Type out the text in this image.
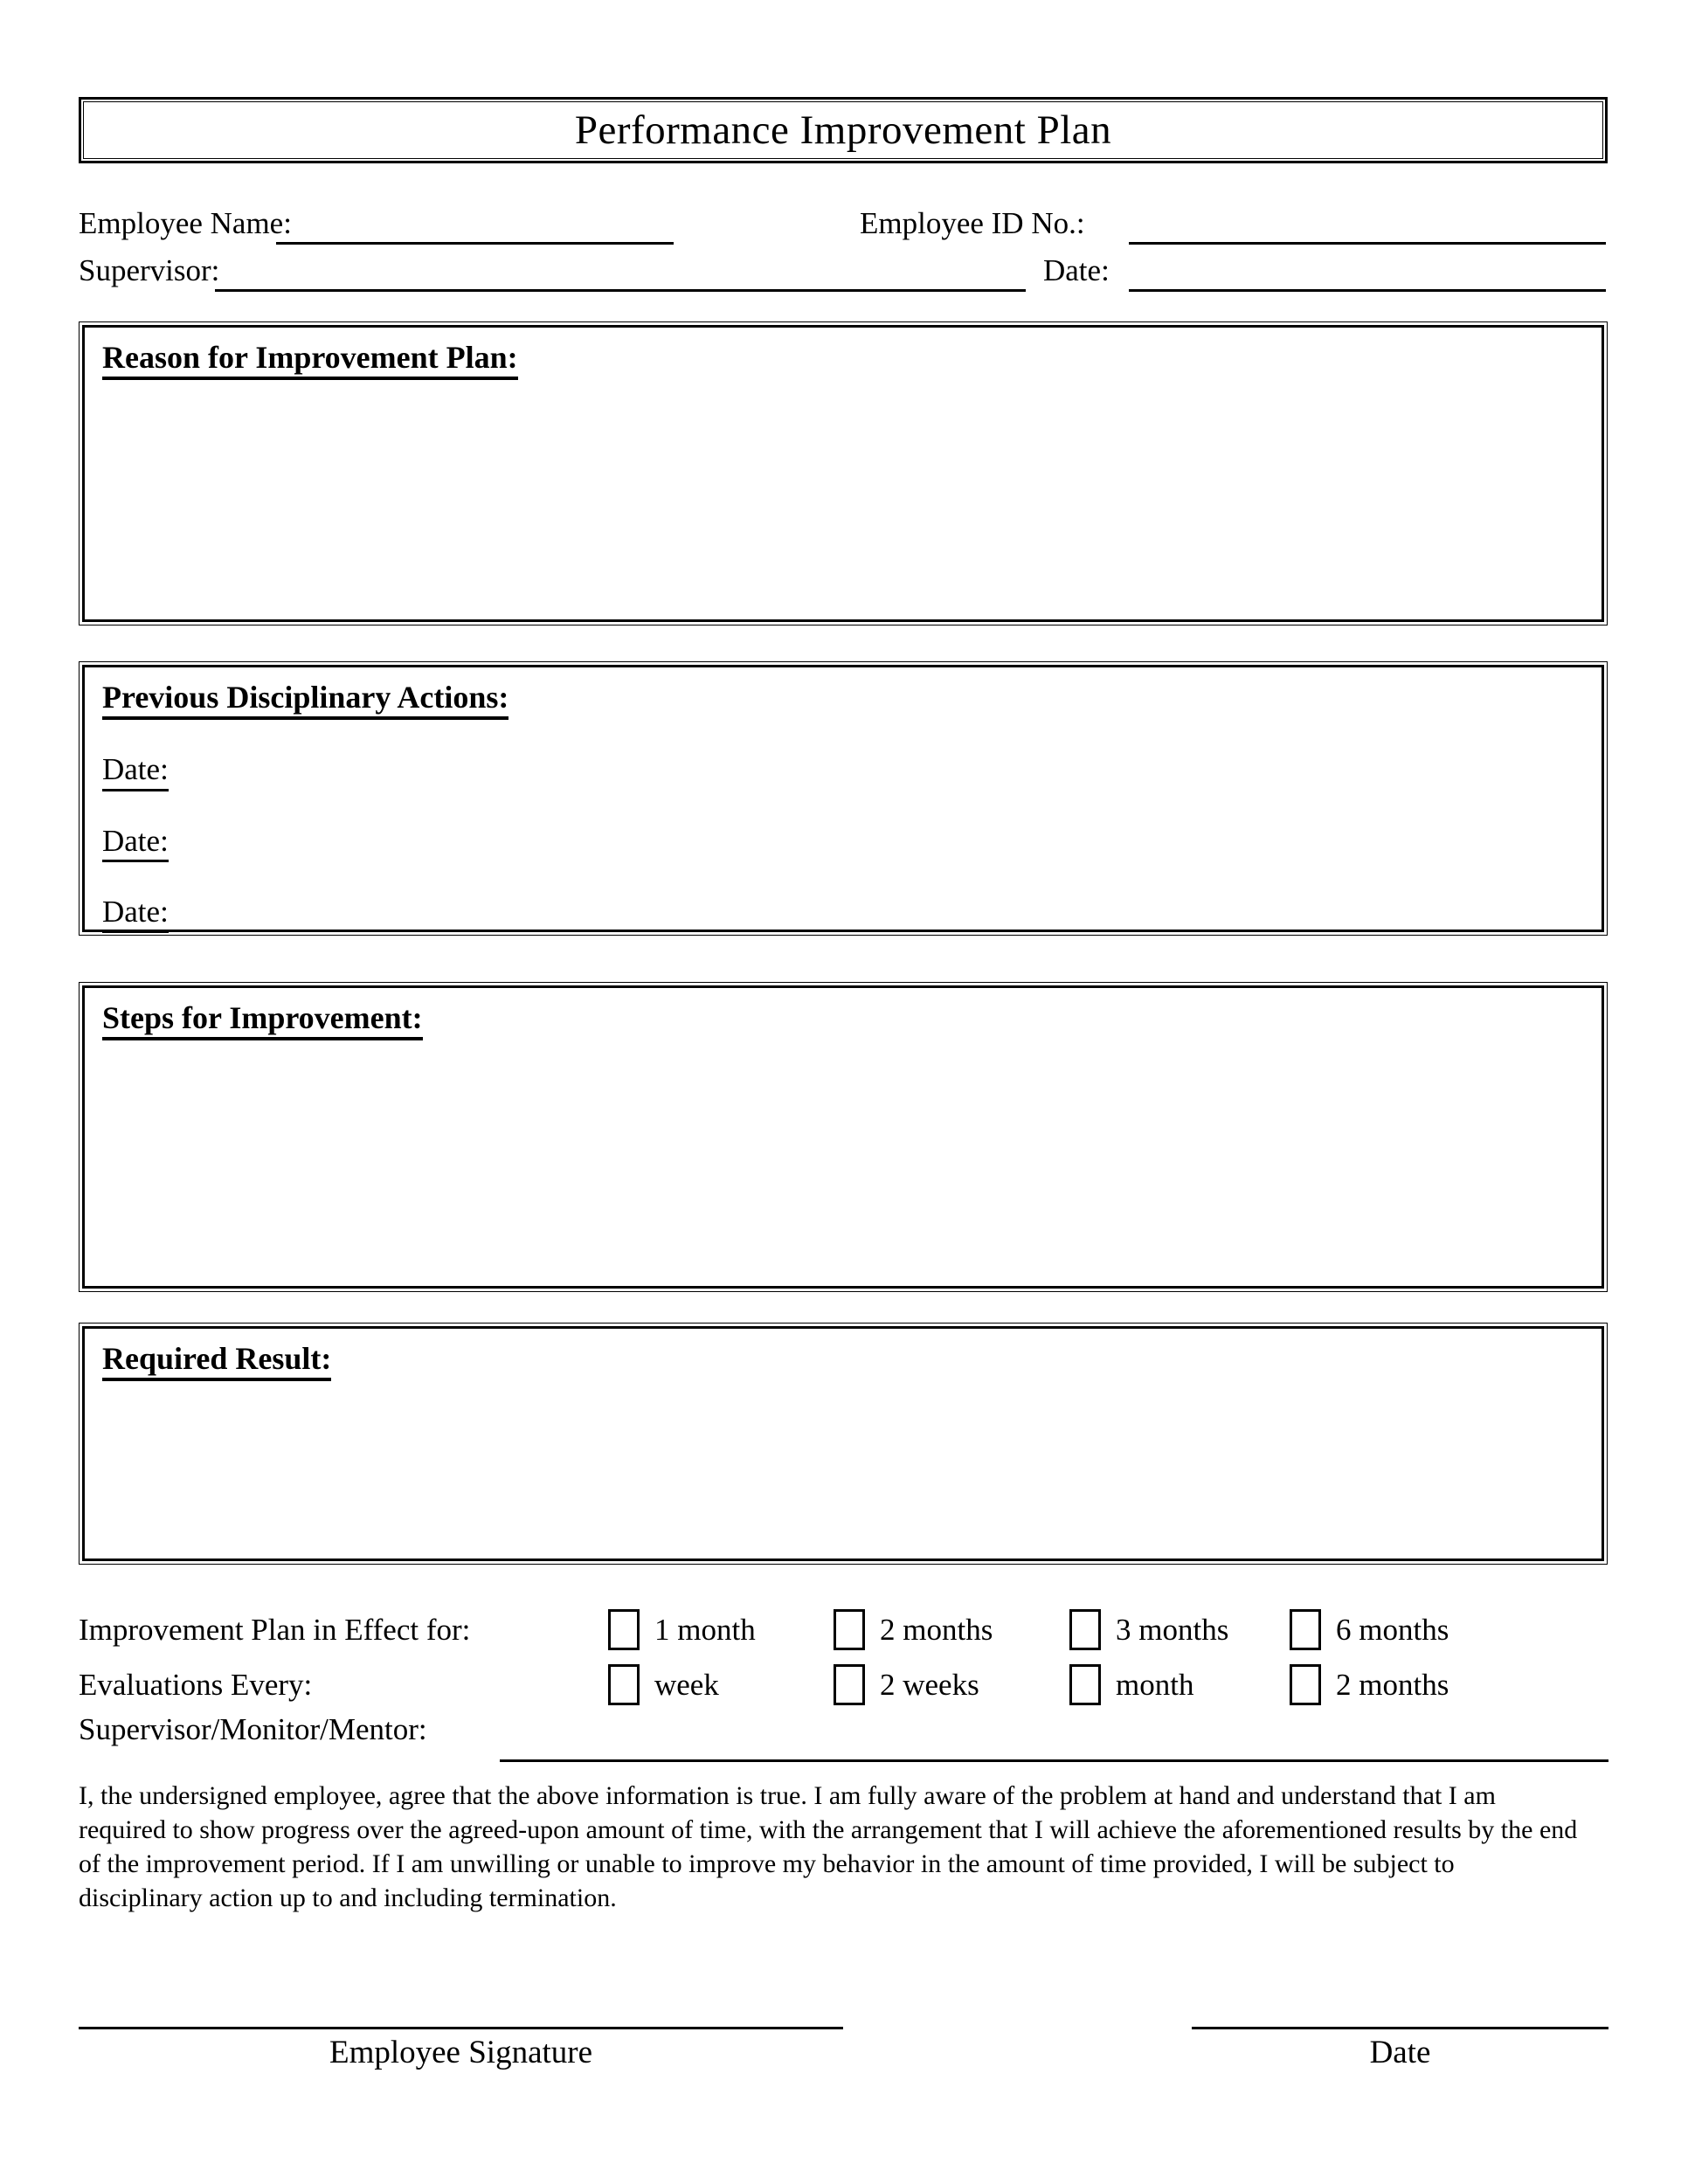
Performance Improvement Plan
Employee Name:	Employee ID No.:
Supervisor:	Date:
Reason for Improvement Plan:
Previous Disciplinary Actions:
Date:
Date:
Date:
Steps for Improvement:
Required Result:
Improvement Plan in Effect for:	1 month	2 months	3 months	6 months
Evaluations Every:	week	2 weeks	month	2 months
Supervisor/Monitor/Mentor:

I, the undersigned employee, agree that the above information is true. I am fully aware of the problem at hand and understand that I am required to show progress over the agreed-upon amount of time, with the arrangement that I will achieve the aforementioned results by the end of the improvement period. If I am unwilling or unable to improve my behavior in the amount of time provided, I will be subject to disciplinary action up to and including termination.

Employee Signature	Date
